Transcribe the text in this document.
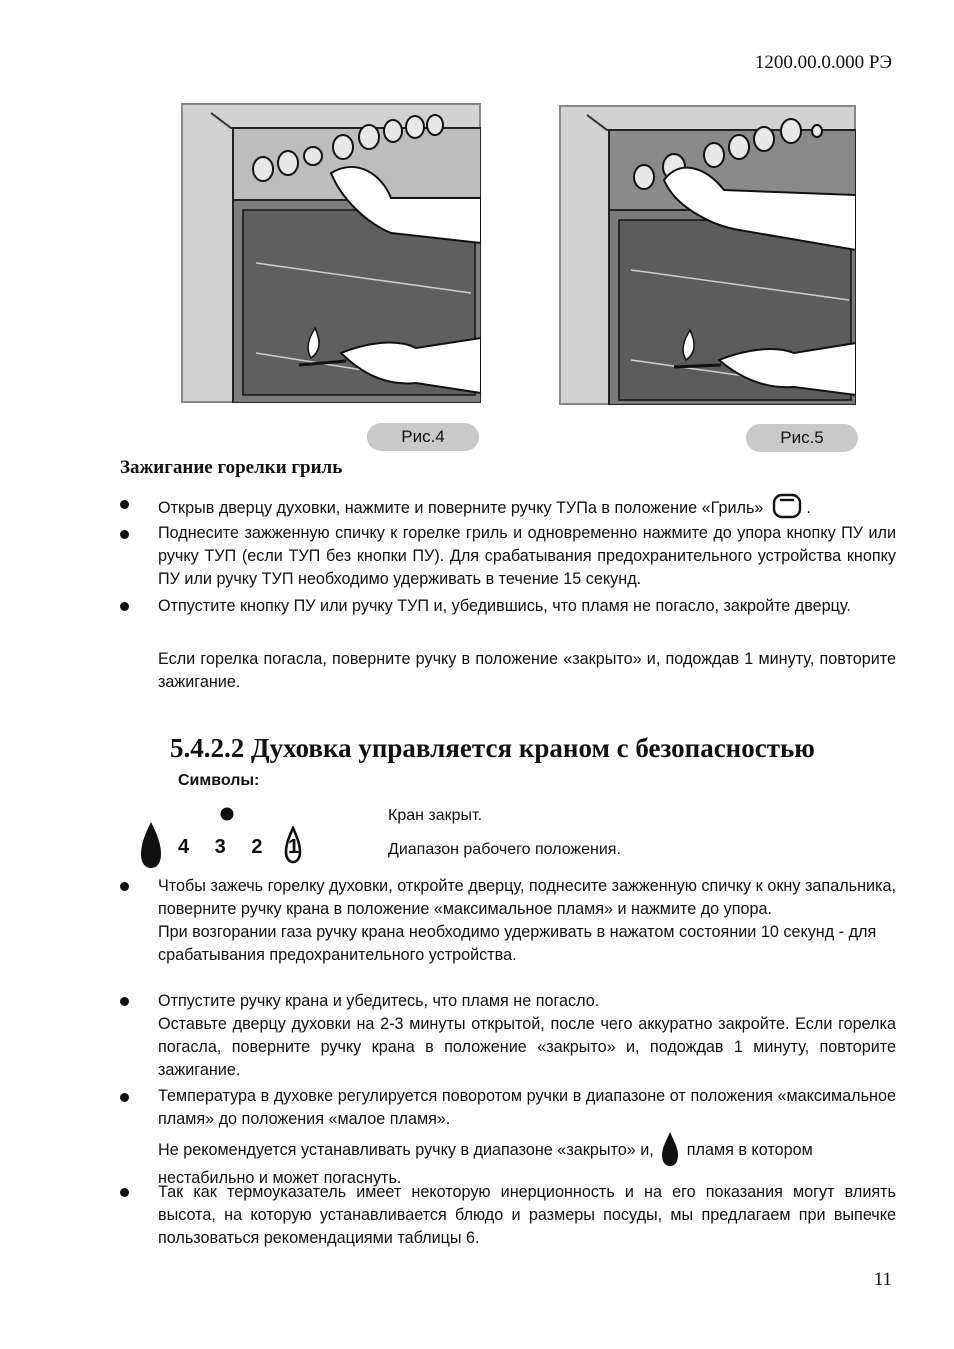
1200.00.0.000 РЭ
Рис.4	Рис.5
Зажигание горелки гриль
Открыв дверцу духовки, нажмите и поверните ручку ТУПа в положение «Гриль»	.
Поднесите зажженную спичку к горелке гриль и одновременно нажмите до упора кнопку ПУ или ручку ТУП (если ТУП без кнопки ПУ). Для срабатывания предохранительного устройства кнопку ПУ или ручку ТУП необходимо удерживать в течение 15 секунд.
Отпустите кнопку ПУ или ручку ТУП и, убедившись, что пламя не погасло, закройте дверцу.
Если горелка погасла, поверните ручку в положение «закрыто» и, подождав 1 минуту, повторите зажигание.
5.4.2.2 Духовка управляется краном с безопасностью
Символы:
Кран закрыт.
4 3 2 1	Диапазон рабочего положения.

Чтобы зажечь горелку духовки, откройте дверцу, поднесите зажженную спичку к окну запальника, поверните ручку крана в положение «максимальное пламя» и нажмите до упора.

При возгорании газа ручку крана необходимо удерживать в нажатом состоянии 10 секунд - для срабатывания предохранительного устройства.

Отпустите ручку крана и убедитесь, что пламя не погасло.

Оставьте дверцу духовки на 2-3 минуты открытой, после чего аккуратно закройте. Если горелка погасла, поверните ручку крана в положение «закрыто» и, подождав 1 минуту, повторите зажигание.

Температура в духовке регулируется поворотом ручки в диапазоне от положения «максимальное пламя» до положения «малое пламя».

Не рекомендуется устанавливать ручку в диапазоне «закрыто» и, пламя в котором нестабильно и может погаснуть.

Так как термоуказатель имеет некоторую инерционность и на его показания могут влиять высота, на которую устанавливается блюдо и размеры посуды, мы предлагаем при выпечке пользоваться рекомендациями таблицы 6.

11
